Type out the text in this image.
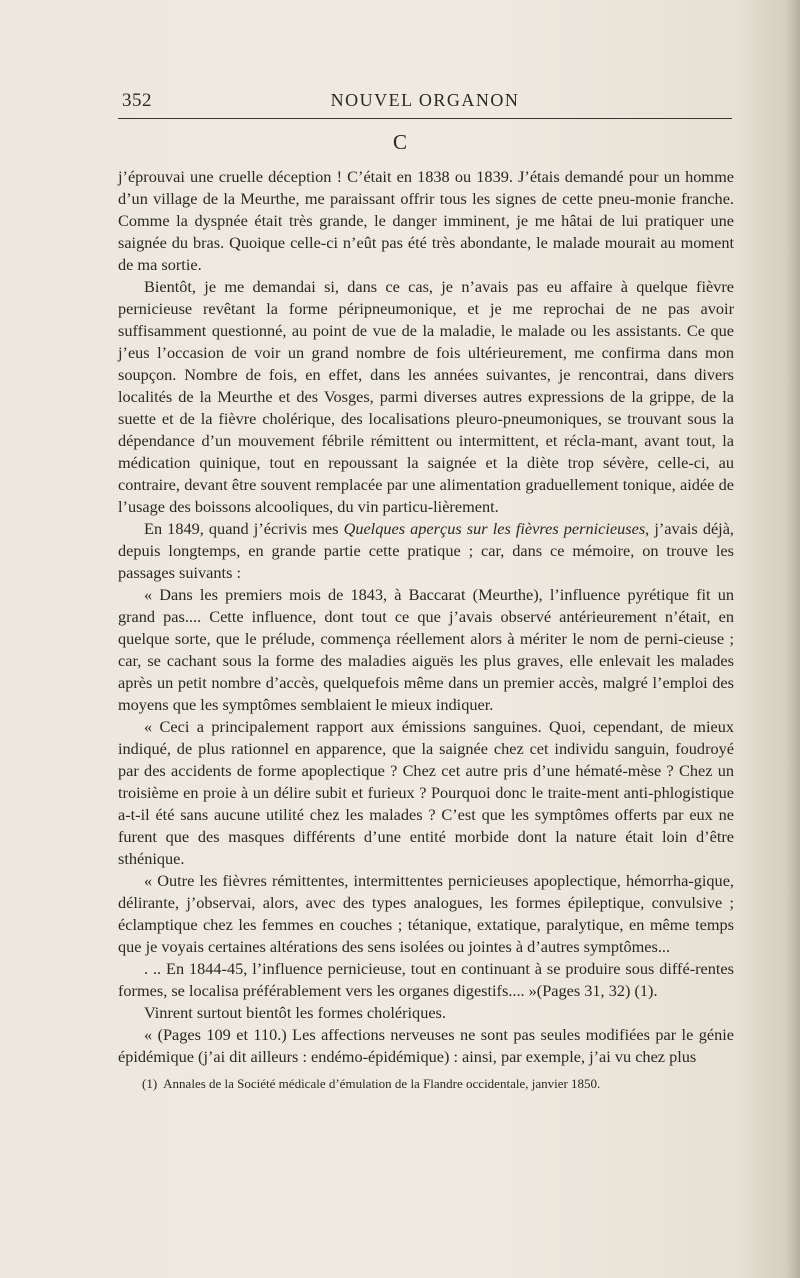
352	NOUVEL ORGANON
C

j’éprouvai une cruelle déception ! C’était en 1838 ou 1839. J’étais demandé pour un homme d’un village de la Meurthe, me paraissant offrir tous les signes de cette pneu-monie franche. Comme la dyspnée était très grande, le danger imminent, je me hâtai de lui pratiquer une saignée du bras. Quoique celle-ci n’eût pas été très abondante, le malade mourait au moment de ma sortie.

Bientôt, je me demandai si, dans ce cas, je n’avais pas eu affaire à quelque fièvre pernicieuse revêtant la forme péripneumonique, et je me reprochai de ne pas avoir suffisamment questionné, au point de vue de la maladie, le malade ou les assistants. Ce que j’eus l’occasion de voir un grand nombre de fois ultérieurement, me confirma dans mon soupçon. Nombre de fois, en effet, dans les années suivantes, je rencontrai, dans divers localités de la Meurthe et des Vosges, parmi diverses autres expressions de la grippe, de la suette et de la fièvre cholérique, des localisations pleuro-pneumoniques, se trouvant sous la dépendance d’un mouvement fébrile rémittent ou intermittent, et récla-mant, avant tout, la médication quinique, tout en repoussant la saignée et la diète trop sévère, celle-ci, au contraire, devant être souvent remplacée par une alimentation graduellement tonique, aidée de l’usage des boissons alcooliques, du vin particu-lièrement.

En 1849, quand j’écrivis mes Quelques aperçus sur les fièvres pernicieuses, j’avais déjà, depuis longtemps, en grande partie cette pratique ; car, dans ce mémoire, on trouve les passages suivants :

« Dans les premiers mois de 1843, à Baccarat (Meurthe), l’influence pyrétique fit un grand pas.... Cette influence, dont tout ce que j’avais observé antérieurement n’était, en quelque sorte, que le prélude, commença réellement alors à mériter le nom de perni-cieuse ; car, se cachant sous la forme des maladies aiguës les plus graves, elle enlevait les malades après un petit nombre d’accès, quelquefois même dans un premier accès, malgré l’emploi des moyens que les symptômes semblaient le mieux indiquer.

« Ceci a principalement rapport aux émissions sanguines. Quoi, cependant, de mieux indiqué, de plus rationnel en apparence, que la saignée chez cet individu sanguin, foudroyé par des accidents de forme apoplectique ? Chez cet autre pris d’une hématé-mèse ? Chez un troisième en proie à un délire subit et furieux ? Pourquoi donc le traite-ment anti-phlogistique a-t-il été sans aucune utilité chez les malades ? C’est que les symptômes offerts par eux ne furent que des masques différents d’une entité morbide dont la nature était loin d’être sthénique.

« Outre les fièvres rémittentes, intermittentes pernicieuses apoplectique, hémorrha-gique, délirante, j’observai, alors, avec des types analogues, les formes épileptique, convulsive ; éclamptique chez les femmes en couches ; tétanique, extatique, paralytique, en même temps que je voyais certaines altérations des sens isolées ou jointes à d’autres symptômes...

. .. En 1844-45, l’influence pernicieuse, tout en continuant à se produire sous diffé-rentes formes, se localisa préférablement vers les organes digestifs.... »(Pages 31, 32) (1).

Vinrent surtout bientôt les formes cholériques.

« (Pages 109 et 110.) Les affections nerveuses ne sont pas seules modifiées par le génie épidémique (j’ai dit ailleurs : endémo-épidémique) : ainsi, par exemple, j’ai vu chez plus

(1) Annales de la Société médicale d’émulation de la Flandre occidentale, janvier 1850.
